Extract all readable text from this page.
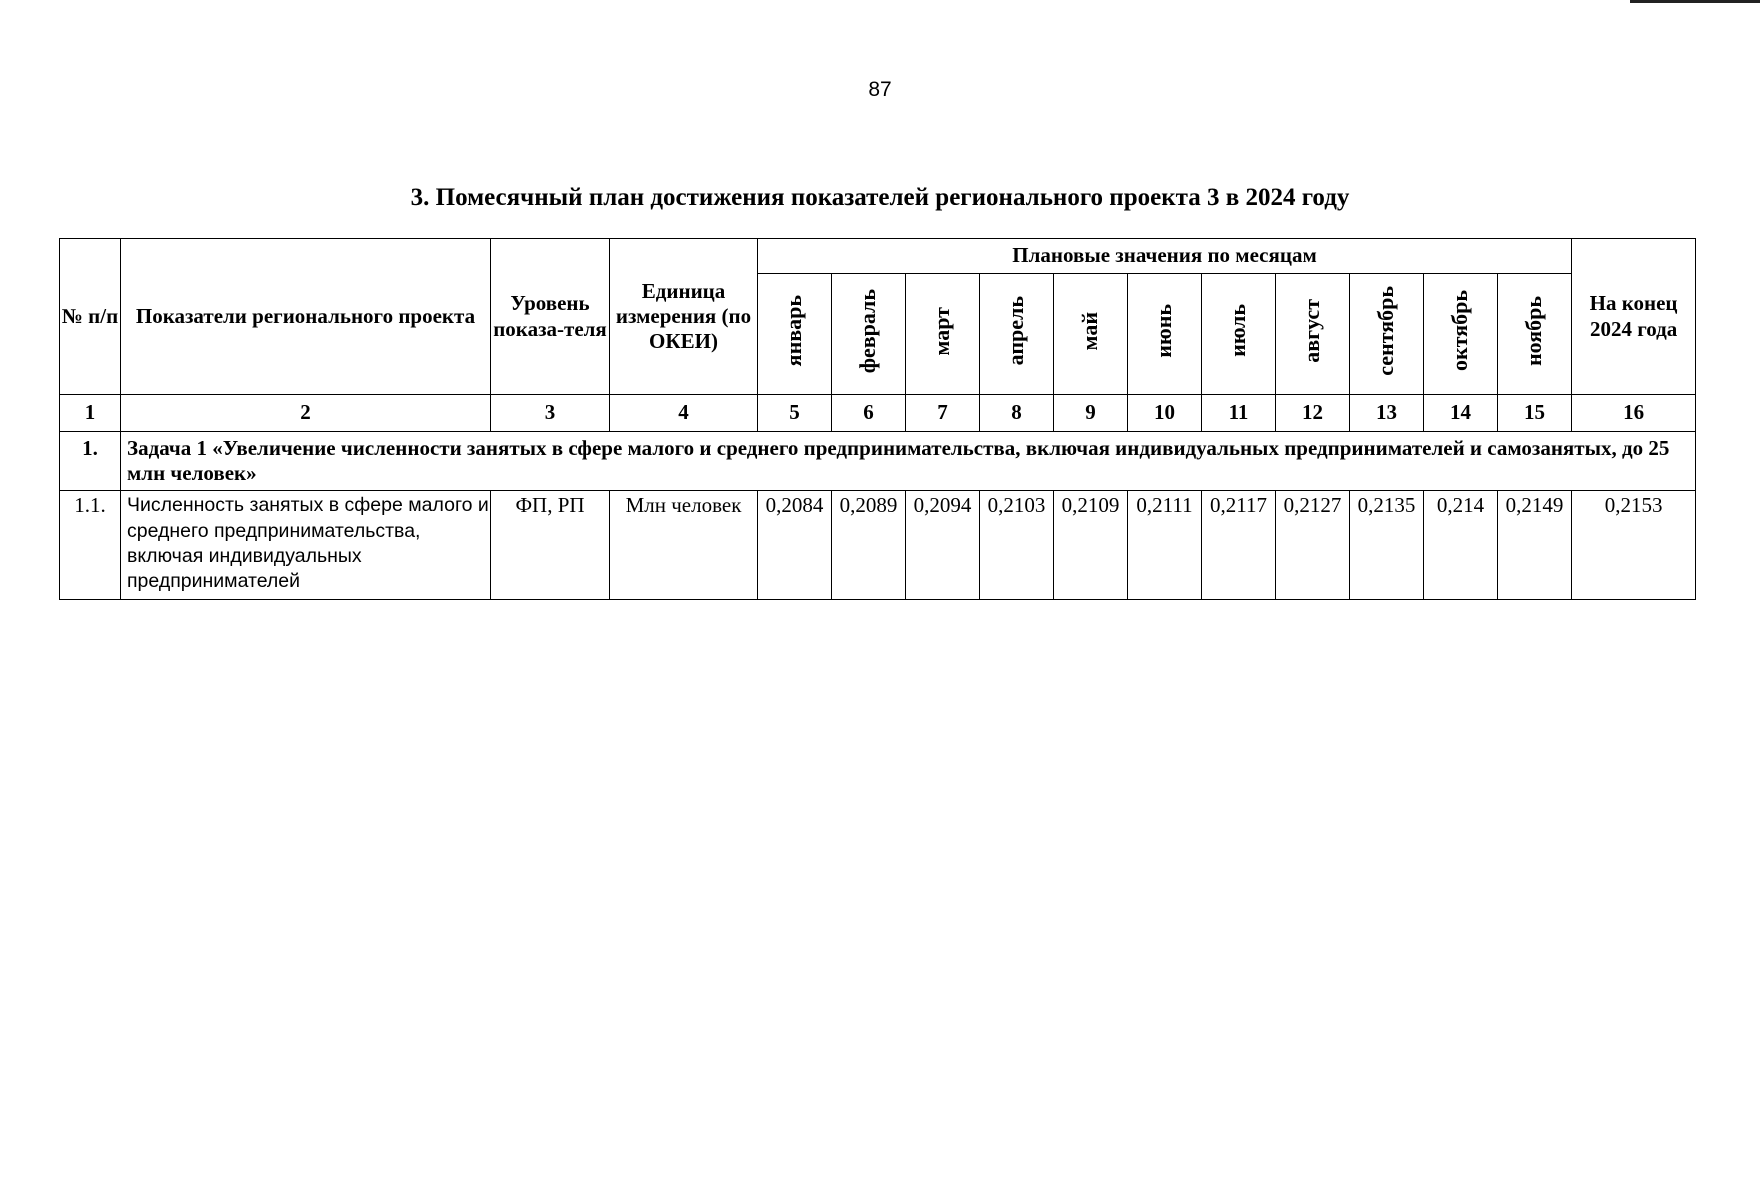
87
3. Помесячный план достижения показателей регионального проекта 3 в 2024 году
№ п/п	Показатели регионального проекта	Уровень показа-теля	Единица измерения (по ОКЕИ)	Плановые значения по месяцам											На конец 2024 года
				январь	февраль	март	апрель	май	июнь	июль	август	сентябрь	октябрь	ноябрь	
1	2	3	4	5	6	7	8	9	10	11	12	13	14	15	16
1.	Задача 1 «Увеличение численности занятых в сфере малого и среднего предпринимательства, включая индивидуальных предпринимателей и самозанятых, до 25 млн человек»														
1.1.	Численность занятых в сфере малого и среднего предпринимательства, включая индивидуальных предпринимателей	ФП, РП	Млн человек	0,2084	0,2089	0,2094	0,2103	0,2109	0,2111	0,2117	0,2127	0,2135	0,214	0,2149	0,2153
